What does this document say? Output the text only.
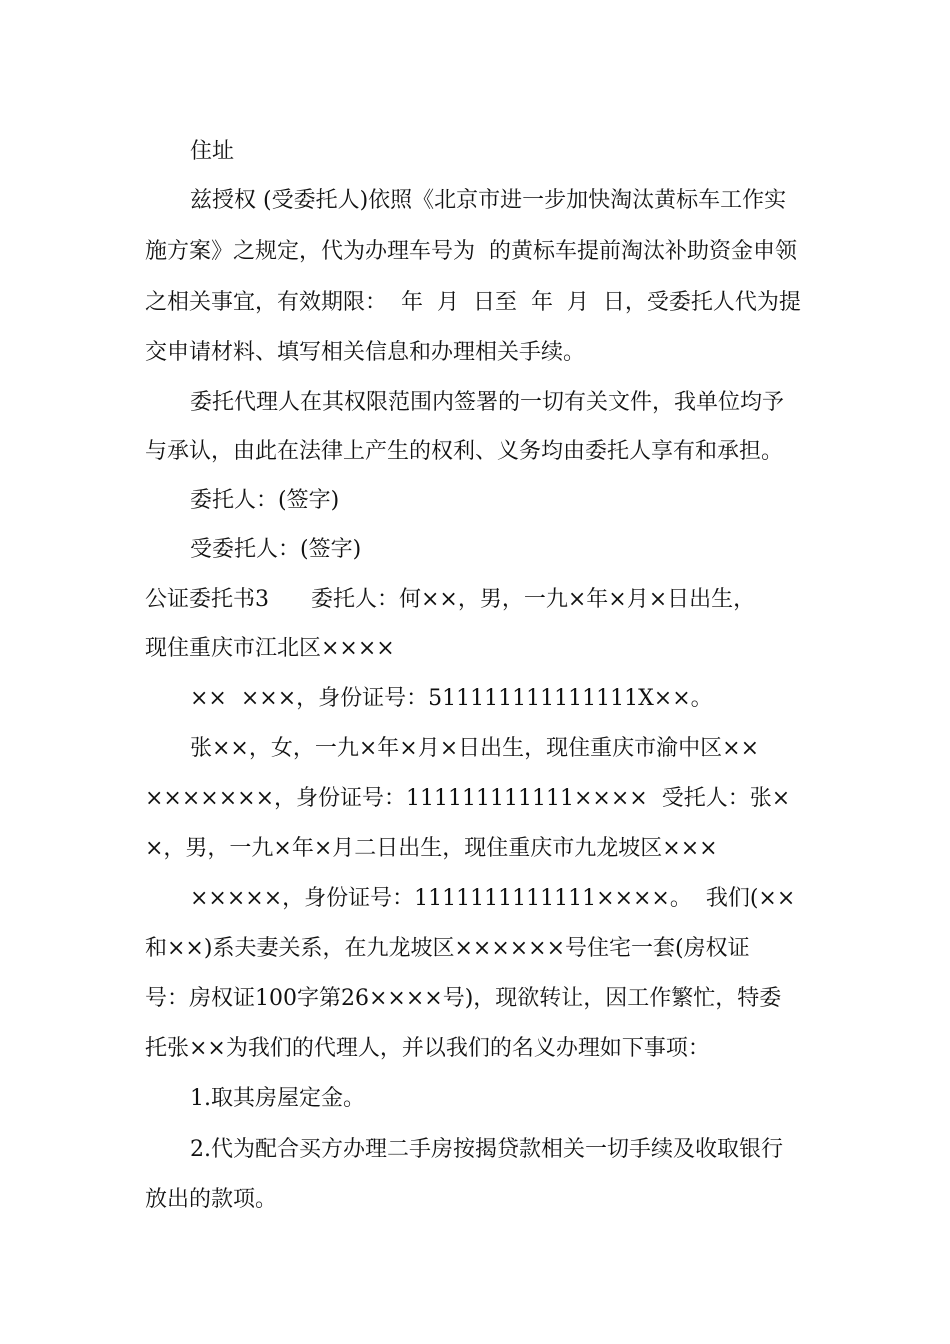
住址
兹授权 (受委托人)依照《北京市进一步加快淘汰黄标车工作实
施方案》之规定，代为办理车号为  的黄标车提前淘汰补助资金申领
之相关事宜，有效期限：  年  月  日至  年  月  日，受委托人代为提
交申请材料、填写相关信息和办理相关手续。
委托代理人在其权限范围内签署的一切有关文件，我单位均予
与承认，由此在法律上产生的权利、义务均由委托人享有和承担。
委托人：(签字)
受委托人：(签字)
公证委托书3      委托人：何××，男，一九×年×月×日出生，
现住重庆市江北区××××
××  ×××，身份证号：511111111111111X××。
张××，女，一九×年×月×日出生，现住重庆市渝中区××
×××××××，身份证号：111111111111××××  受托人：张×
×，男，一九×年×月二日出生，现住重庆市九龙坡区×××
×××××，身份证号：1111111111111××××。  我们(××
和××)系夫妻关系，在九龙坡区××××××号住宅一套(房权证
号：房权证100字第26××××号)，现欲转让，因工作繁忙，特委
托张××为我们的代理人，并以我们的名义办理如下事项：
1.取其房屋定金。
2.代为配合买方办理二手房按揭贷款相关一切手续及收取银行
放出的款项。
